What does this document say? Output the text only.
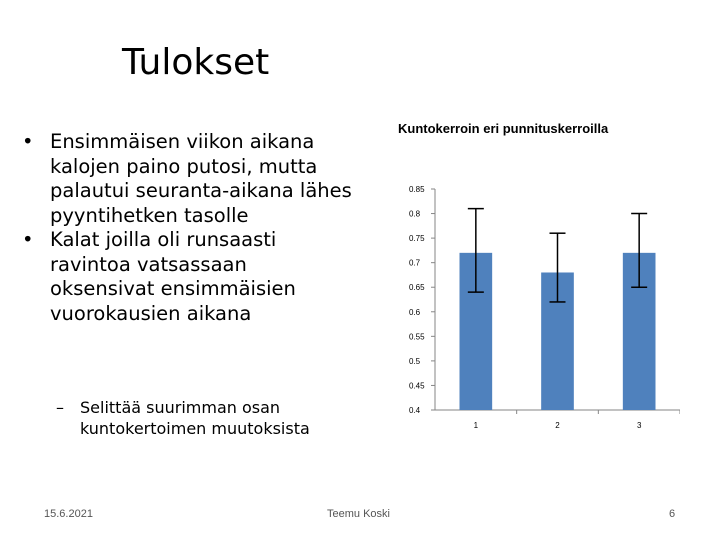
Tulokset

• Ensimmäisen viikon aikana kalojen paino putosi, mutta palautui seuranta-aikana lähes pyyntihetken tasolle

• Kalat joilla oli runsaasti ravintoa vatsassaan oksensivat ensimmäisien vuorokausien aikana

– Selittää suurimman osan kuntokertoimen muutoksista
Kuntokerroin eri punnituskerroilla
0.4
0.45
0.5
0.55
0.6
0.65
0.7
0.75
0.8
0.85
1	2	3
15.6.2021	Teemu Koski	6
